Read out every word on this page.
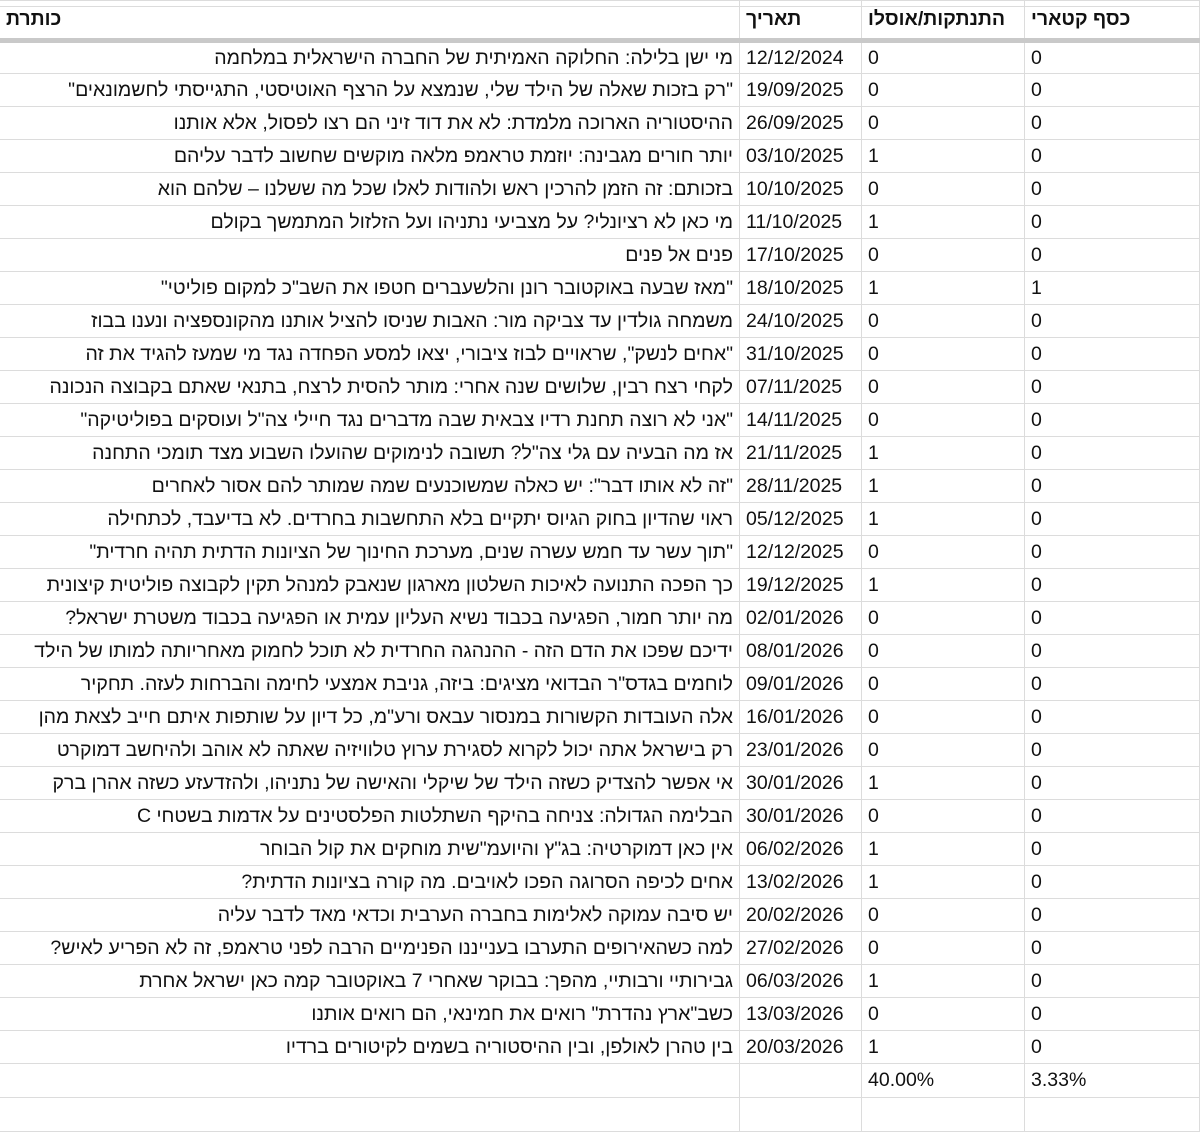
כסף קטארי	התנתקות/אוסלו	תאריך	כותרת
0	0	12/12/2024	מי ישן בלילה: החלוקה האמיתית של החברה הישראלית במלחמה
0	0	19/09/2025	"רק בזכות שאלה של הילד שלי, שנמצא על הרצף האוטיסטי, התגייסתי לחשמונאים"
0	0	26/09/2025	ההיסטוריה הארוכה מלמדת: לא את דוד זיני הם רצו לפסול, אלא אותנו
0	1	03/10/2025	יותר חורים מגבינה: יוזמת טראמפ מלאה מוקשים שחשוב לדבר עליהם
0	0	10/10/2025	בזכותם: זה הזמן להרכין ראש ולהודות לאלו שכל מה ששלנו – שלהם הוא
0	1	11/10/2025	מי כאן לא רציונלי? על מצביעי נתניהו ועל הזלזול המתמשך בקולם
0	0	17/10/2025	פנים אל פנים
1	1	18/10/2025	"מאז שבעה באוקטובר רונן והלשעברים חטפו את השב"כ למקום פוליטי"
0	0	24/10/2025	משמחה גולדין עד צביקה מור: האבות שניסו להציל אותנו מהקונספציה ונענו בבוז
0	0	31/10/2025	"אחים לנשק", שראויים לבוז ציבורי, יצאו למסע הפחדה נגד מי שמעז להגיד את זה
0	0	07/11/2025	לקחי רצח רבין, שלושים שנה אחרי: מותר להסית לרצח, בתנאי שאתם בקבוצה הנכונה
0	0	14/11/2025	"אני לא רוצה תחנת רדיו צבאית שבה מדברים נגד חיילי צה"ל ועוסקים בפוליטיקה"
0	1	21/11/2025	אז מה הבעיה עם גלי צה"ל? תשובה לנימוקים שהועלו השבוע מצד תומכי התחנה
0	1	28/11/2025	"זה לא אותו דבר": יש כאלה שמשוכנעים שמה שמותר להם אסור לאחרים
0	1	05/12/2025	ראוי שהדיון בחוק הגיוס יתקיים בלא התחשבות בחרדים. לא בדיעבד, לכתחילה
0	0	12/12/2025	"תוך עשר עד חמש עשרה שנים, מערכת החינוך של הציונות הדתית תהיה חרדית"
0	1	19/12/2025	כך הפכה התנועה לאיכות השלטון מארגון שנאבק למנהל תקין לקבוצה פוליטית קיצונית
0	0	02/01/2026	מה יותר חמור, הפגיעה בכבוד נשיא העליון עמית או הפגיעה בכבוד משטרת ישראל?
0	0	08/01/2026	ידיכם שפכו את הדם הזה - ההנהגה החרדית לא תוכל לחמוק מאחריותה למותו של הילד
0	0	09/01/2026	לוחמים בגדס"ר הבדואי מציגים: ביזה, גניבת אמצעי לחימה והברחות לעזה. תחקיר
0	0	16/01/2026	אלה העובדות הקשורות במנסור עבאס ורע"מ, כל דיון על שותפות איתם חייב לצאת מהן
0	0	23/01/2026	רק בישראל אתה יכול לקרוא לסגירת ערוץ טלוויזיה שאתה לא אוהב ולהיחשב דמוקרט
0	1	30/01/2026	אי אפשר להצדיק כשזה הילד של שיקלי והאישה של נתניהו, ולהזדעזע כשזה אהרן ברק
0	0	30/01/2026	הבלימה הגדולה: צניחה בהיקף השתלטות הפלסטינים על אדמות בשטחי C
0	1	06/02/2026	אין כאן דמוקרטיה: בג"ץ והיועמ"שית מוחקים את קול הבוחר
0	1	13/02/2026	אחים לכיפה הסרוגה הפכו לאויבים. מה קורה בציונות הדתית?
0	0	20/02/2026	יש סיבה עמוקה לאלימות בחברה הערבית וכדאי מאד לדבר עליה
0	0	27/02/2026	למה כשהאירופים התערבו בענייננו הפנימיים הרבה לפני טראמפ, זה לא הפריע לאיש?
0	1	06/03/2026	גבירותיי ורבותיי, מהפך: בבוקר שאחרי 7 באוקטובר קמה כאן ישראל אחרת
0	0	13/03/2026	כשב"ארץ נהדרת" רואים את חמינאי, הם רואים אותנו
0	1	20/03/2026	בין טהרן לאולפן, ובין ההיסטוריה בשמים לקיטורים ברדיו
3.33%	40.00%		
